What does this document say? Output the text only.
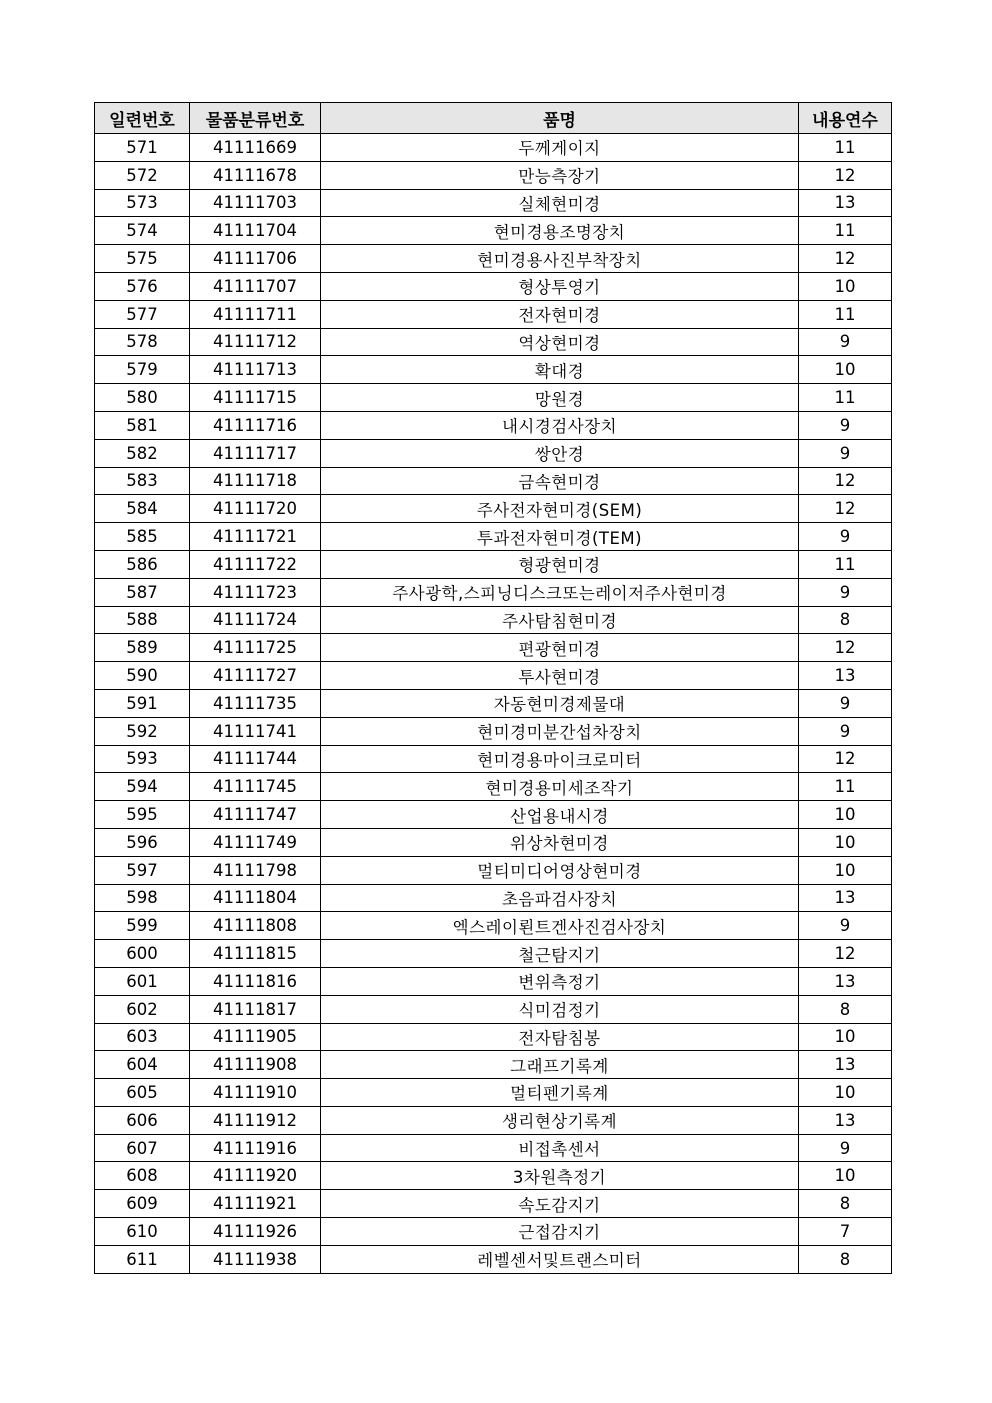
일련번호	물품분류번호	품명	내용연수
571	41111669	두께게이지	11
572	41111678	만능측장기	12
573	41111703	실체현미경	13
574	41111704	현미경용조명장치	11
575	41111706	현미경용사진부착장치	12
576	41111707	형상투영기	10
577	41111711	전자현미경	11
578	41111712	역상현미경	9
579	41111713	확대경	10
580	41111715	망원경	11
581	41111716	내시경검사장치	9
582	41111717	쌍안경	9
583	41111718	금속현미경	12
584	41111720	주사전자현미경(SEM)	12
585	41111721	투과전자현미경(TEM)	9
586	41111722	형광현미경	11
587	41111723	주사광학,스피닝디스크또는레이저주사현미경	9
588	41111724	주사탐침현미경	8
589	41111725	편광현미경	12
590	41111727	투사현미경	13
591	41111735	자동현미경제물대	9
592	41111741	현미경미분간섭차장치	9
593	41111744	현미경용마이크로미터	12
594	41111745	현미경용미세조작기	11
595	41111747	산업용내시경	10
596	41111749	위상차현미경	10
597	41111798	멀티미디어영상현미경	10
598	41111804	초음파검사장치	13
599	41111808	엑스레이뢴트겐사진검사장치	9
600	41111815	철근탐지기	12
601	41111816	변위측정기	13
602	41111817	식미검정기	8
603	41111905	전자탐침봉	10
604	41111908	그래프기록계	13
605	41111910	멀티펜기록계	10
606	41111912	생리현상기록계	13
607	41111916	비접촉센서	9
608	41111920	3차원측정기	10
609	41111921	속도감지기	8
610	41111926	근접감지기	7
611	41111938	레벨센서및트랜스미터	8
